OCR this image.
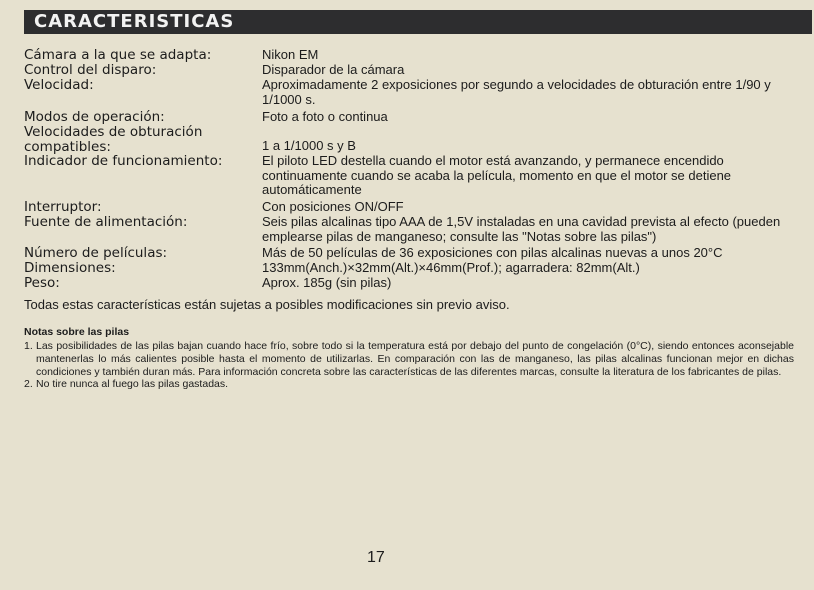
CARACTERISTICAS
Cámara a la que se adapta:
Control del disparo:
Velocidad:
Modos de operación:
Velocidades de obturación compatibles:
Indicador de funcionamiento:
Interruptor:
Fuente de alimentación:
Número de películas:
Dimensiones:
Peso:
Nikon EM
Disparador de la cámara
Aproximadamente 2 exposiciones por segundo a velocidades de obturación entre 1/90 y 1/1000 s.
Foto a foto o continua
1 a 1/1000 s y B
El piloto LED destella cuando el motor está avanzando, y permanece encendido continuamente cuando se acaba la película, momento en que el motor se detiene automáticamente
Con posiciones ON/OFF
Seis pilas alcalinas tipo AAA de 1,5V instaladas en una cavidad prevista al efecto (pueden emplearse pilas de manganeso; consulte las "Notas sobre las pilas")
Más de 50 películas de 36 exposiciones con pilas alcalinas nuevas a unos 20°C
133mm(Anch.)×32mm(Alt.)×46mm(Prof.); agarradera: 82mm(Alt.)
Aprox. 185g (sin pilas)
Todas estas características están sujetas a posibles modificaciones sin previo aviso.
Notas sobre las pilas
1. Las posibilidades de las pilas bajan cuando hace frío, sobre todo si la temperatura está por debajo del punto de congelación (0°C), siendo entonces aconsejable mantenerlas lo más calientes posible hasta el momento de utilizarlas. En comparación con las de manganeso, las pilas alcalinas funcionan mejor en dichas condiciones y también duran más. Para información concreta sobre las características de las diferentes marcas, consulte la literatura de los fabricantes de pilas.
2. No tire nunca al fuego las pilas gastadas.
17
